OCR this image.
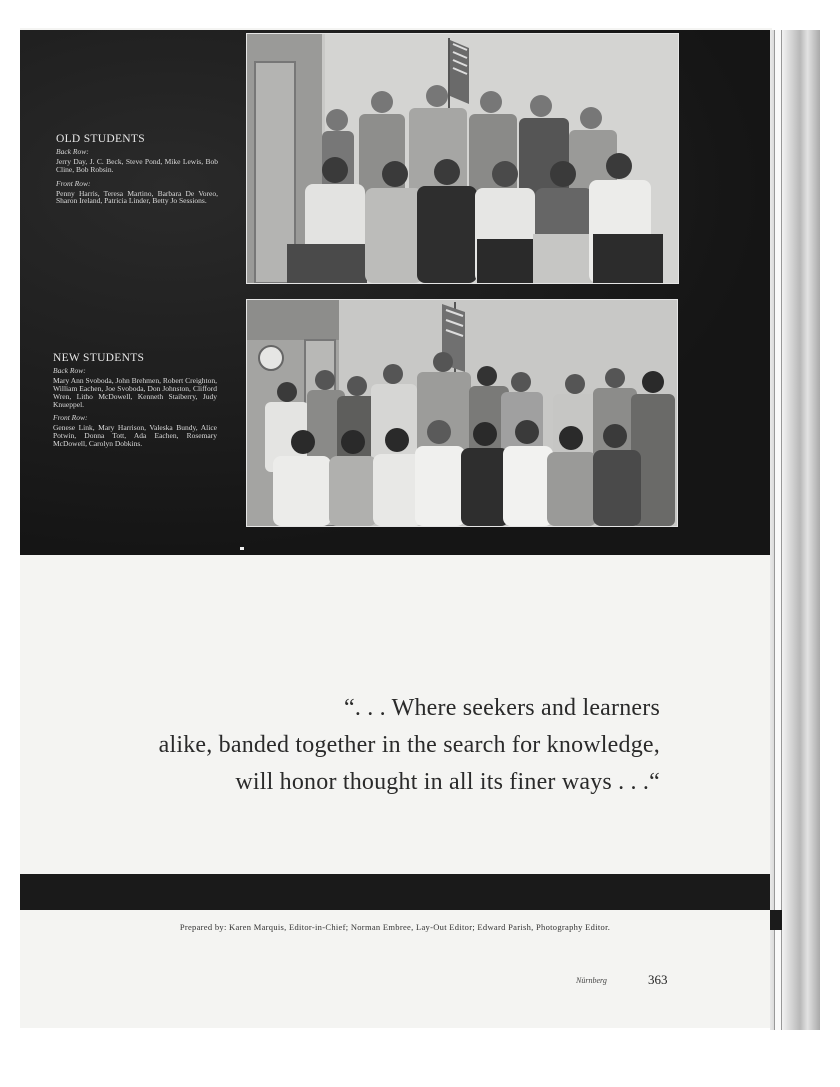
OLD STUDENTS
Back Row:
Jerry Day, J. C. Beck, Steve Pond, Mike Lewis, Bob Cline, Bob Robsin.
Front Row:
Penny Harris, Teresa Martino, Barbara De Voreo, Sharon Ireland, Patricia Linder, Betty Jo Sessions.
NEW STUDENTS
Back Row:
Mary Ann Svoboda, John Brehmen, Robert Creighton, William Eachen, Joe Svoboda, Don Johnston, Clifford Wren, Litho McDowell, Kenneth Staiberry, Judy Knueppel.
Front Row:
Genese Link, Mary Harrison, Valeska Bundy, Alice Potwin, Donna Tott, Ada Eachen, Rosemary McDowell, Carolyn Dobkins.
“. . . Where seekers and learners
alike, banded together in the search for knowledge,
will honor thought in all its finer ways . . .“
Prepared by: Karen Marquis, Editor-in-Chief; Norman Embree, Lay-Out Editor; Edward Parish, Photography Editor.
Nürnberg	363
